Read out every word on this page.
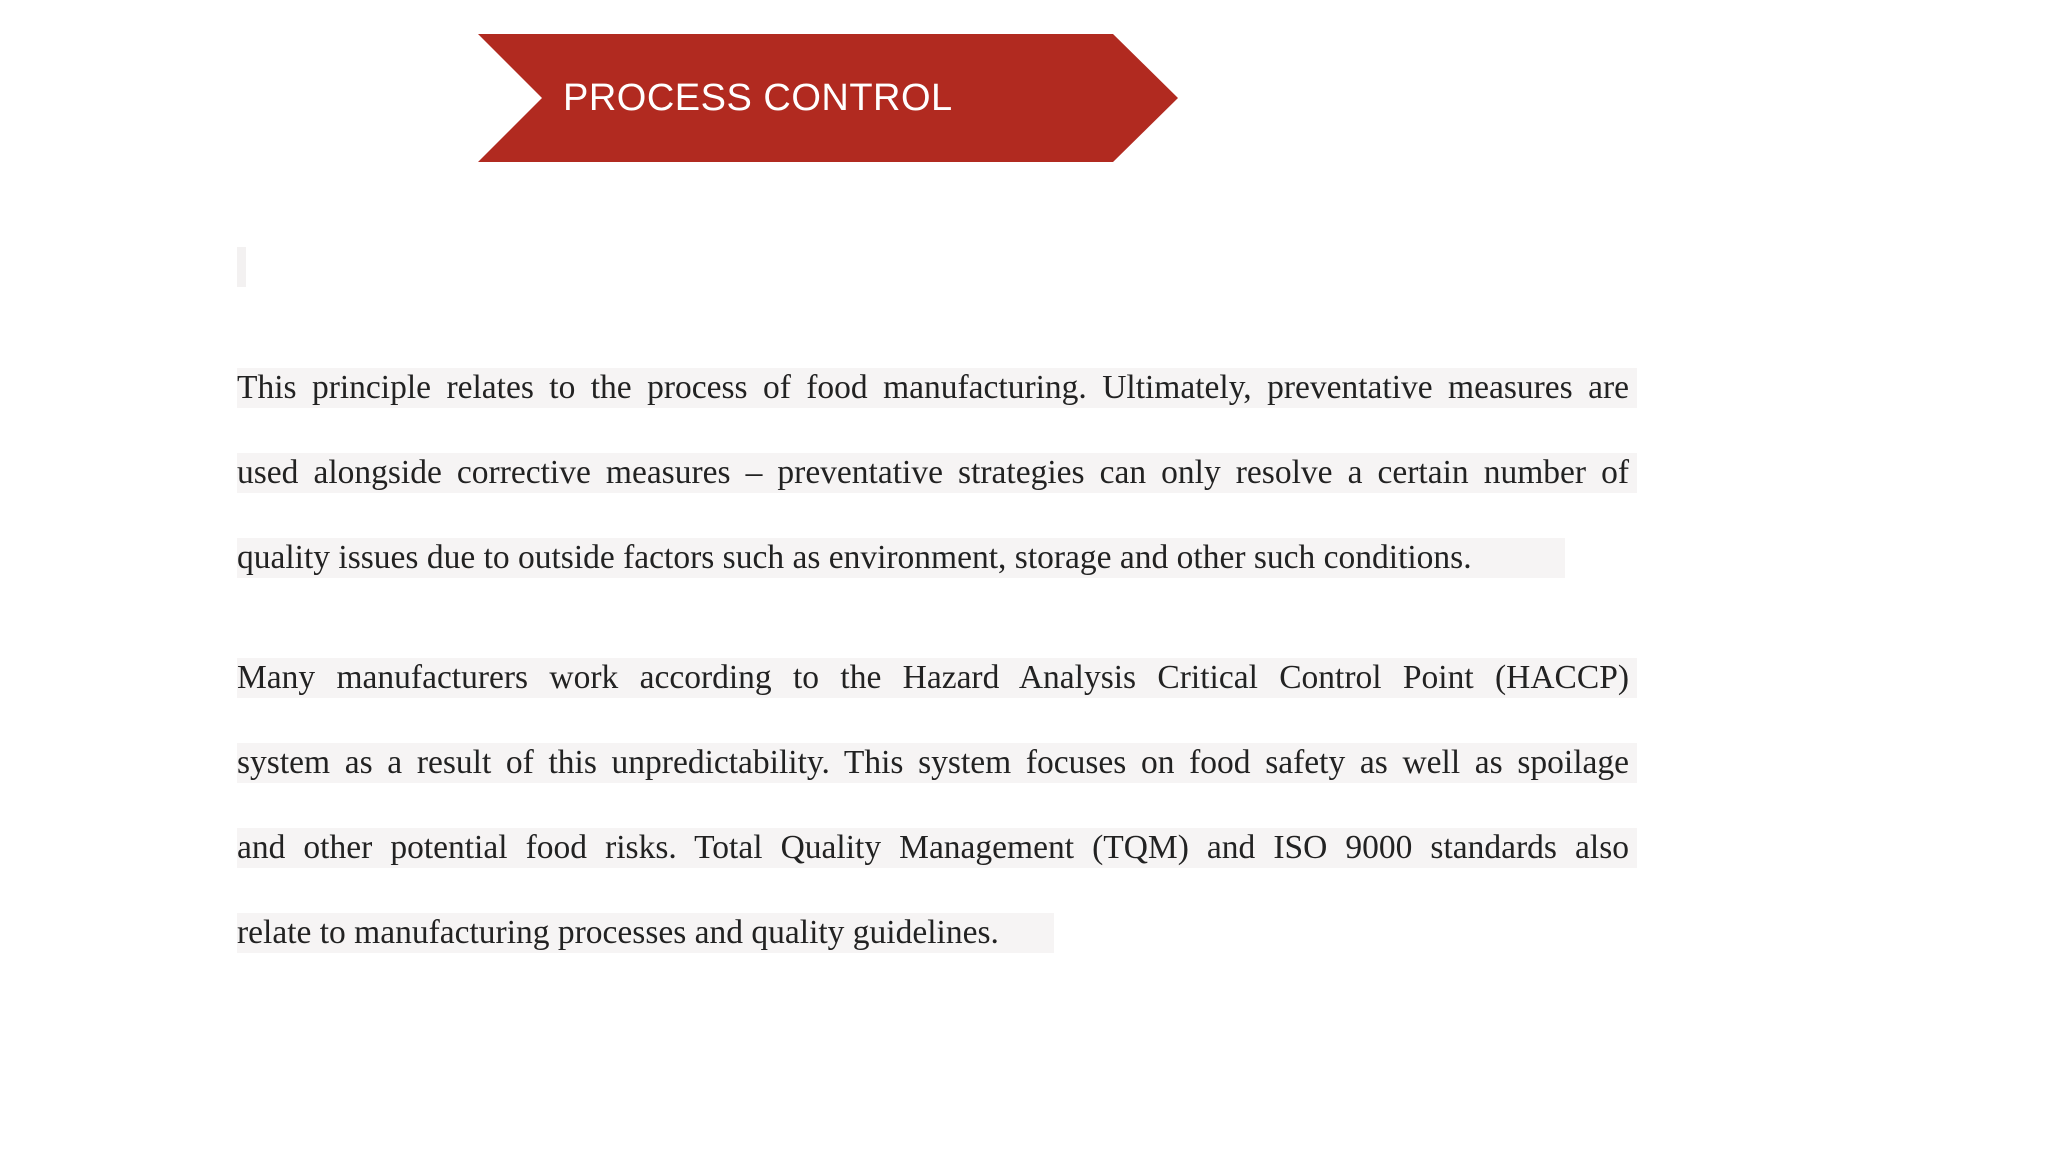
PROCESS CONTROL
This principle relates to the process of food manufacturing. Ultimately, preventative measures are
used alongside corrective measures – preventative strategies can only resolve a certain number of
quality issues due to outside factors such as environment, storage and other such conditions.
Many manufacturers work according to the Hazard Analysis Critical Control Point (HACCP)
system as a result of this unpredictability. This system focuses on food safety as well as spoilage
and other potential food risks. Total Quality Management (TQM) and ISO 9000 standards also
relate to manufacturing processes and quality guidelines.
